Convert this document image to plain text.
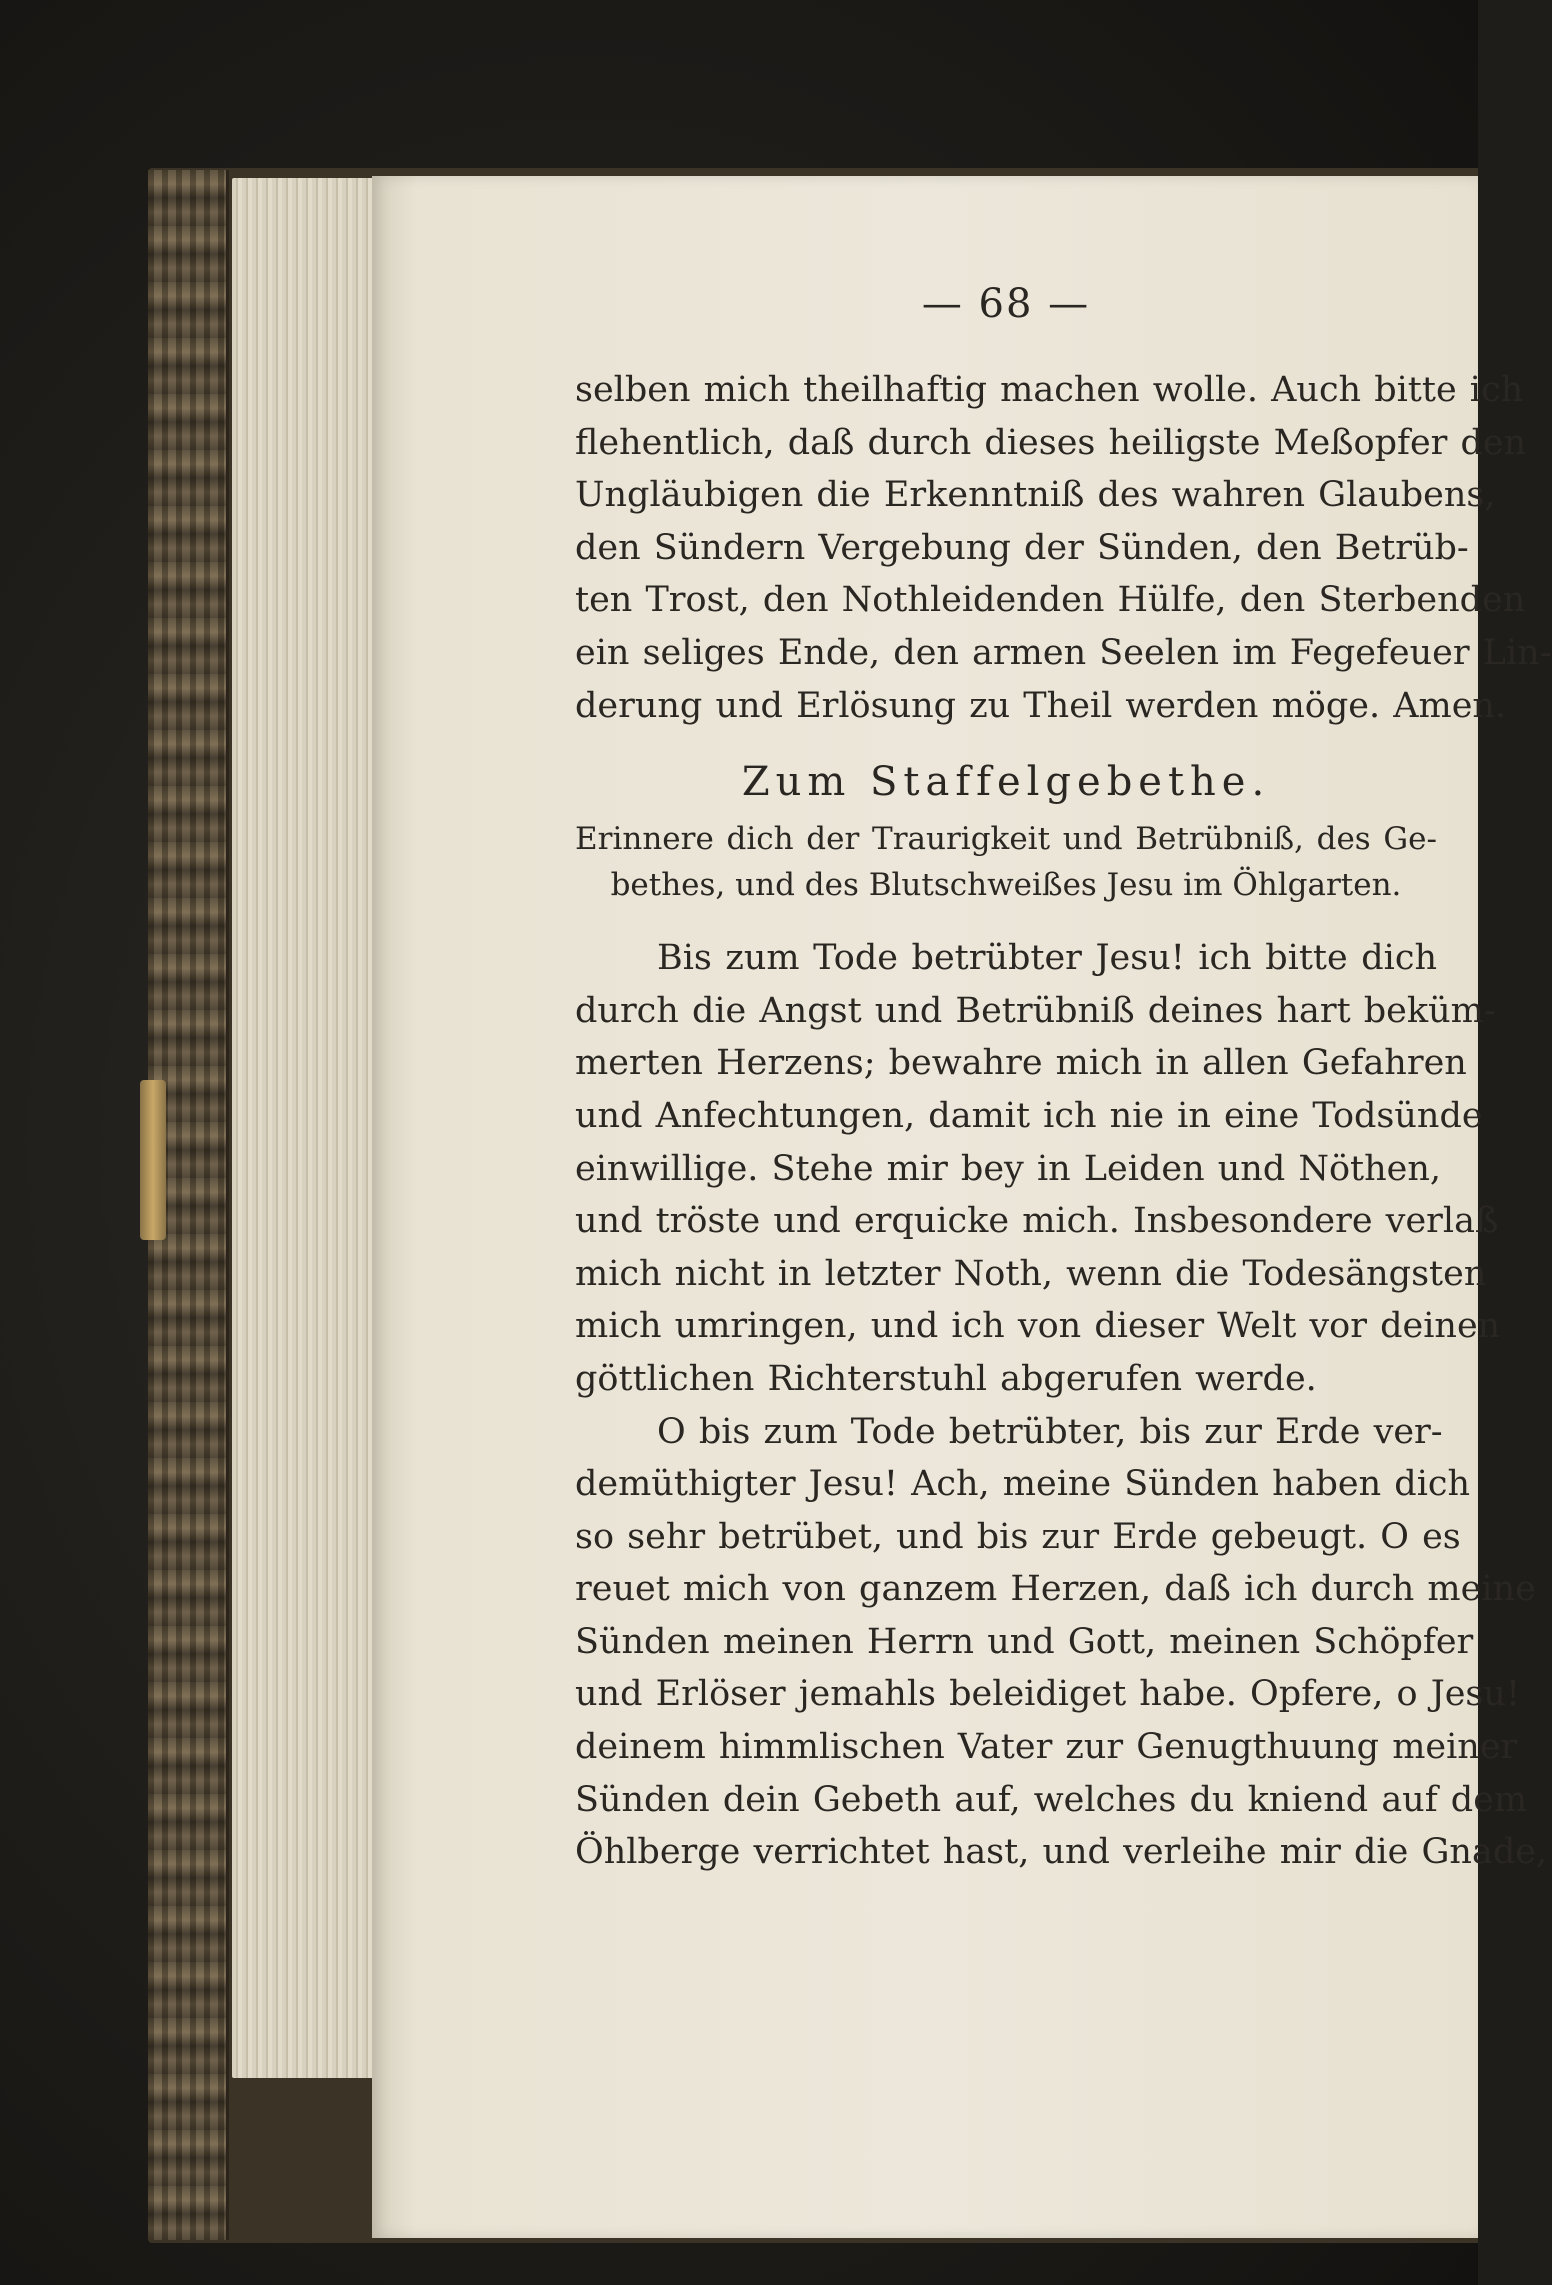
— 68 —
selben mich theilhaftig machen wolle. Auch bitte ich
flehentlich, daß durch dieses heiligste Meßopfer den
Ungläubigen die Erkenntniß des wahren Glaubens,
den Sündern Vergebung der Sünden, den Betrüb-
ten Trost, den Nothleidenden Hülfe, den Sterbenden
ein seliges Ende, den armen Seelen im Fegefeuer Lin-
derung und Erlösung zu Theil werden möge. Amen.
Zum Staffelgebethe.
Erinnere dich der Traurigkeit und Betrübniß, des Ge-
bethes, und des Blutschweißes Jesu im Öhlgarten.
Bis zum Tode betrübter Jesu! ich bitte dich
durch die Angst und Betrübniß deines hart beküm-
merten Herzens; bewahre mich in allen Gefahren
und Anfechtungen, damit ich nie in eine Todsünde
einwillige. Stehe mir bey in Leiden und Nöthen,
und tröste und erquicke mich. Insbesondere verlaß
mich nicht in letzter Noth, wenn die Todesängsten
mich umringen, und ich von dieser Welt vor deinen
göttlichen Richterstuhl abgerufen werde.
O bis zum Tode betrübter, bis zur Erde ver-
demüthigter Jesu! Ach, meine Sünden haben dich
so sehr betrübet, und bis zur Erde gebeugt. O es
reuet mich von ganzem Herzen, daß ich durch meine
Sünden meinen Herrn und Gott, meinen Schöpfer
und Erlöser jemahls beleidiget habe. Opfere, o Jesu!
deinem himmlischen Vater zur Genugthuung meiner
Sünden dein Gebeth auf, welches du kniend auf dem
Öhlberge verrichtet hast, und verleihe mir die Gnade,
